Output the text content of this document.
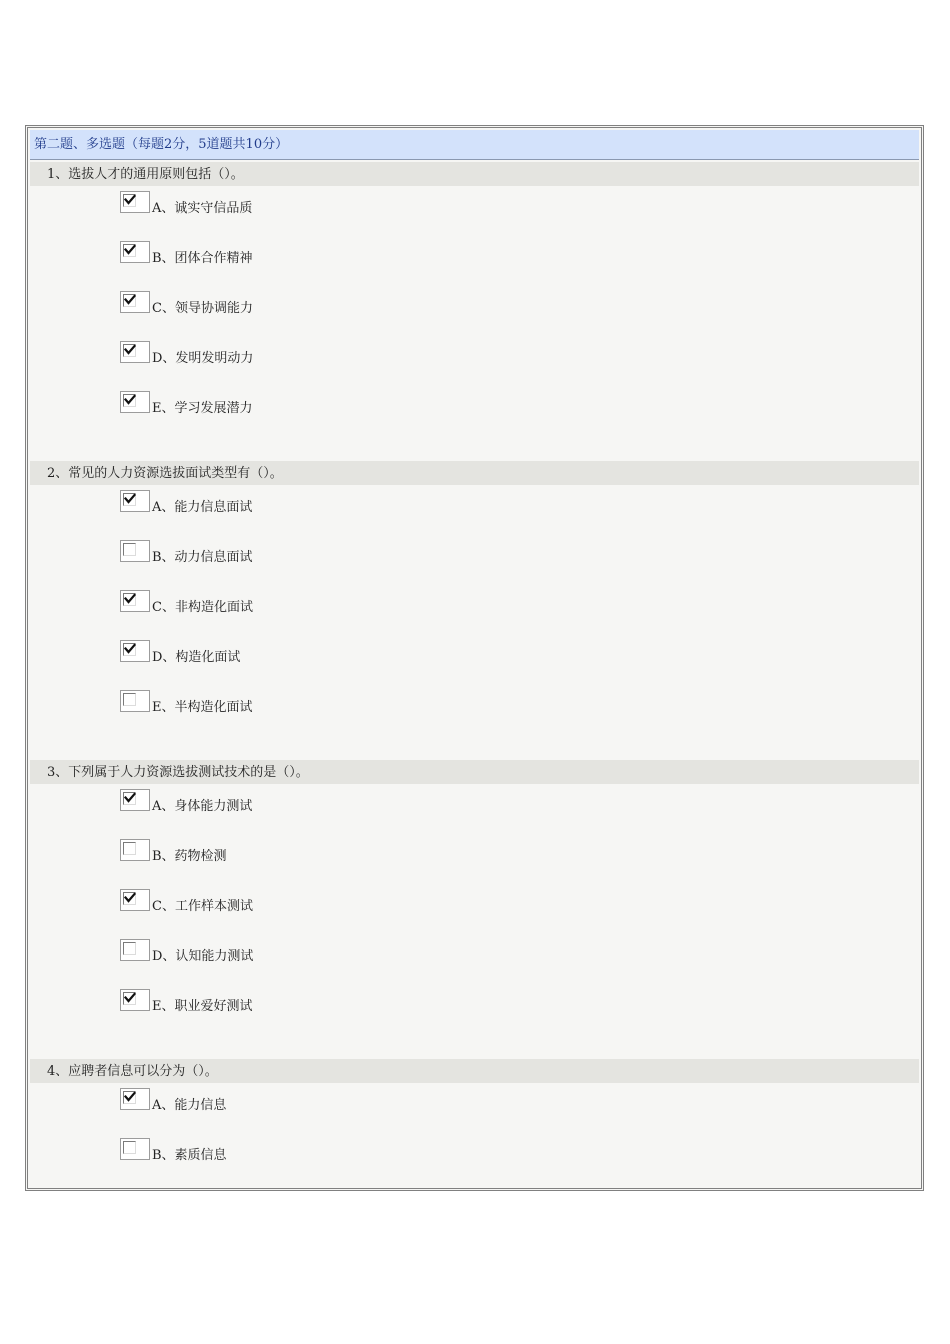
第二题、多选题（每题2分，5道题共10分）
1、选拔人才的通用原则包括（）。
A、诚实守信品质
B、团体合作精神
C、领导协调能力
D、发明发明动力
E、学习发展潜力
2、常见的人力资源选拔面试类型有（）。
A、能力信息面试
B、动力信息面试
C、非构造化面试
D、构造化面试
E、半构造化面试
3、下列属于人力资源选拔测试技术的是（）。
A、身体能力测试
B、药物检测
C、工作样本测试
D、认知能力测试
E、职业爱好测试
4、应聘者信息可以分为（）。
A、能力信息
B、素质信息
